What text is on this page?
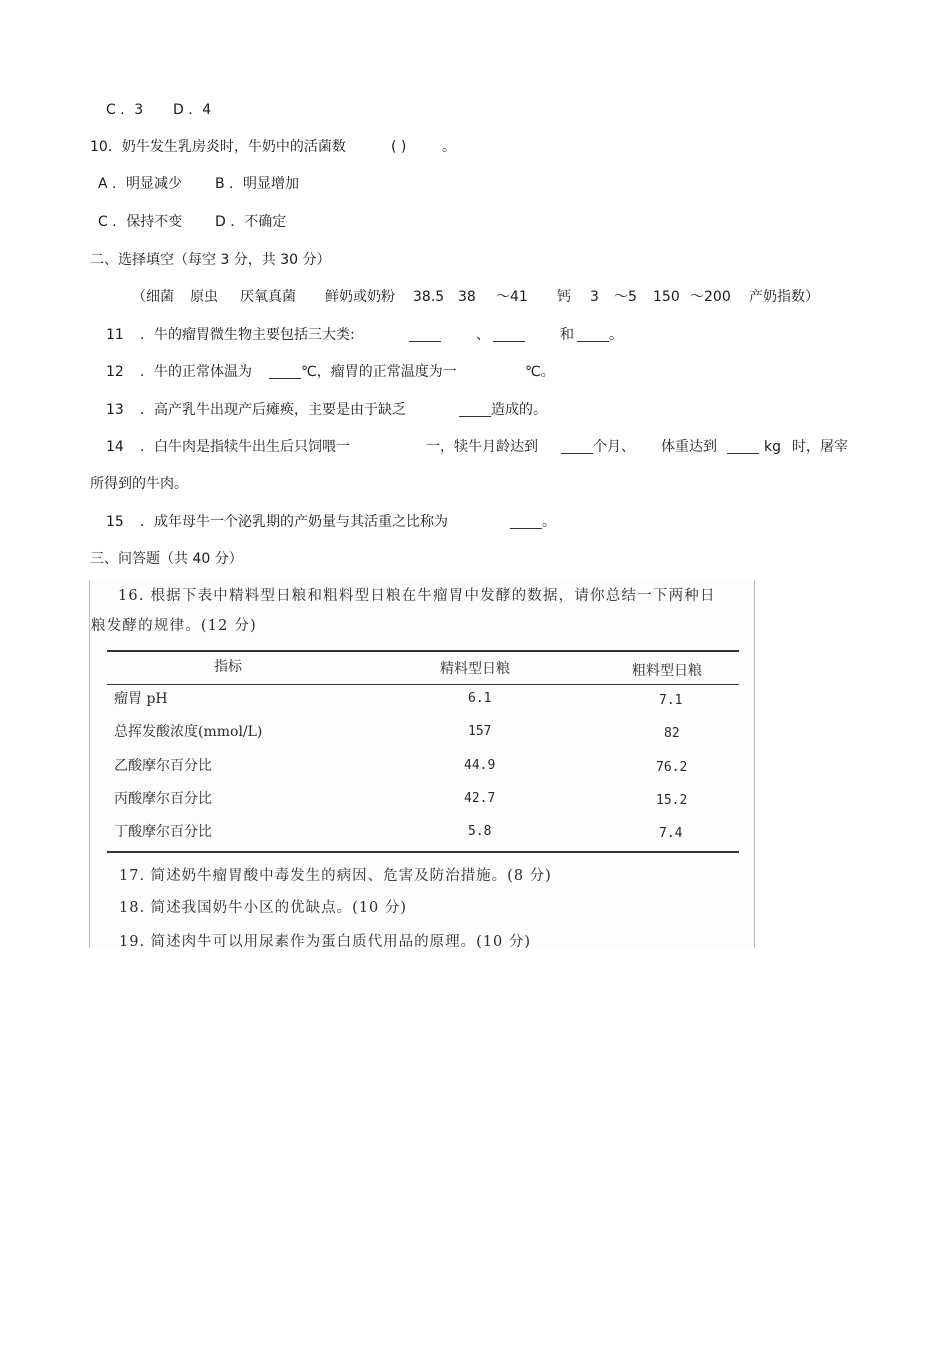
C ．3 D ．4
10．奶牛发生乳房炎时，牛奶中的活菌数	( )	。
A ．明显减少 B ．明显增加
C ．保持不变 D ．不确定
二、选择填空（每空 3 分，共 30 分）
（细菌 原虫 厌氧真菌 鲜奶或奶粉 38.5 38 ～41 钙 3 ～5 150 ～200 产奶指数）
11 ．牛的瘤胃微生物主要包括三大类:	、	和	。
12 ．牛的正常体温为	℃，瘤胃的正常温度为一	℃。
13 ．高产乳牛出现产后瘫痪，主要是由于缺乏	造成的。
14 ．白牛肉是指犊牛出生后只饲喂一	一，犊牛月龄达到	个月、 体重达到	kg 时，屠宰
所得到的牛肉。
15 ．成年母牛一个泌乳期的产奶量与其活重之比称为	。
三、问答题（共 40 分）
16. 根据下表中精料型日粮和粗料型日粮在牛瘤胃中发酵的数据，请你总结一下两种日
粮发酵的规律。(12 分)
指标	精料型日粮	粗料型日粮
瘤胃 pH	6.1	7.1
总挥发酸浓度(mmol/L)	157	82
乙酸摩尔百分比	44.9	76.2
丙酸摩尔百分比	42.7	15.2
丁酸摩尔百分比	5.8	7.4
17. 简述奶牛瘤胃酸中毒发生的病因、危害及防治措施。(8 分)
18. 简述我国奶牛小区的优缺点。(10 分)
19. 简述肉牛可以用尿素作为蛋白质代用品的原理。(10 分)
